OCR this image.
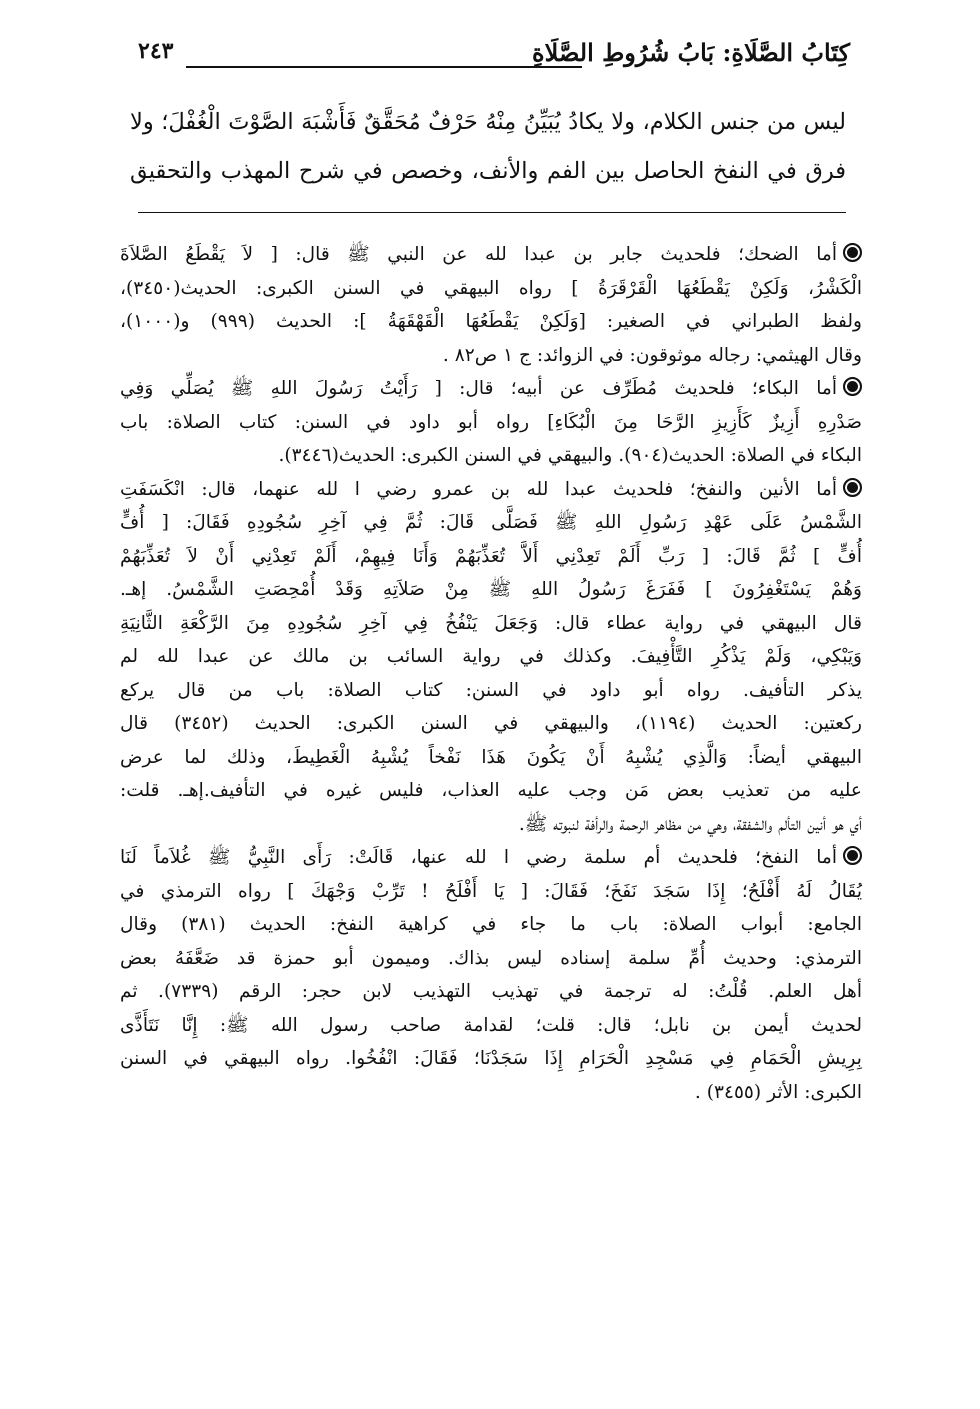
كِتَابُ الصَّلَاةِ: بَابُ شُرُوطِ الصَّلَاةِ
٢٤٣

ليس من جنس الكلام، ولا يكادُ يُبَيِّنُ مِنْهُ حَرْفٌ مُحَقَّقٌ فَأَشْبَهَ الصَّوْتَ الْغُفْلَ؛ ولا

فرق في النفخ الحاصل بين الفم والأنف، وخصص في شرح المهذب والتحقيق

أما الضحك؛ فلحديث جابر بن عبدا لله عن النبي ﷺ قال: [ لاَ يَقْطَعُ الصَّلاَةَ
الْكَشْرُ، وَلَكِنْ يَقْطَعُهَا الْقَرْقَرَةُ ] رواه البيهقي في السنن الكبرى: الحديث(٣٤٥٠)،
ولفظ الطبراني في الصغير: [وَلَكِنْ يَقْطَعُهَا الْقَهْقَهَةُ ]: الحديث (٩٩٩) و(١٠٠٠)،
وقال الهيثمي: رجاله موثوقون: في الزوائد: ج ١ ص٨٢ .
أما البكاء؛ فلحديث مُطَرِّف عن أبيه؛ قال: [ رَأَيْتُ رَسُولَ اللهِ ﷺ يُصَلِّي وَفِي
صَدْرِهِ أَزِيزٌ كَأَزِيزِ الرَّحَا مِنَ الْبُكَاءِ] رواه أبو داود في السنن: كتاب الصلاة: باب
البكاء في الصلاة: الحديث(٩٠٤). والبيهقي في السنن الكبرى: الحديث(٣٤٤٦).
أما الأنين والنفخ؛ فلحديث عبدا لله بن عمرو رضي ا لله عنهما، قال: انْكَسَفَتِ
الشَّمْسُ عَلَى عَهْدِ رَسُولِ اللهِ ﷺ فَصَلَّى قَالَ: ثُمَّ فِي آخِرِ سُجُودِهِ فَقَالَ: [ أُفٍّ
أُفٍّ ] ثُمَّ قَالَ: [ رَبِّ أَلَمْ تَعِدْنِي أَلاَّ تُعَذِّبَهُمْ وَأَنَا فِيهِمْ، أَلَمْ تَعِدْنِي أَنْ لاَ تُعَذِّبَهُمْ
وَهُمْ يَسْتَغْفِرُونَ ] فَفَرَغَ رَسُولُ اللهِ ﷺ مِنْ صَلاَتِهِ وَقَدْ أُمْحِصَتِ الشَّمْسُ. إهـ.
قال البيهقي في رواية عطاء قال: وَجَعَلَ يَنْفُخُ فِي آخِرِ سُجُودِهِ مِنَ الرَّكْعَةِ الثَّانِيَةِ
وَيَبْكِي، وَلَمْ يَذْكُرِ التَّأْفِيفَ. وكذلك في رواية السائب بن مالك عن عبدا لله لم
يذكر التأفيف. رواه أبو داود في السنن: كتاب الصلاة: باب من قال يركع
ركعتين: الحديث (١١٩٤)، والبيهقي في السنن الكبرى: الحديث (٣٤٥٢) قال
البيهقي أيضاً: وَالَّذِي يُشْبِهُ أَنْ يَكُونَ هَذَا نَفْخاً يُشْبِهُ الْغَطِيطَ، وذلك لما عرض
عليه من تعذيب بعض مَن وجب عليه العذاب، فليس غيره في التأفيف.إهـ. قلت:
أي هو أنين التألم والشفقة، وهي من مظاهر الرحمة والرأفة لنبوته ﷺ.
أما النفخ؛ فلحديث أم سلمة رضي ا لله عنها، قَالَتْ: رَأَى النَّبِيُّ ﷺ غُلاَماً لَنَا
يُقَالُ لَهُ أَفْلَحُ؛ إِذَا سَجَدَ نَفَخَ؛ فَقَالَ: [ يَا أَفْلَحُ ! تَرِّبْ وَجْهَكَ ] رواه الترمذي في
الجامع: أبواب الصلاة: باب ما جاء في كراهية النفخ: الحديث (٣٨١) وقال
الترمذي: وحديث أُمِّ سلمة إسناده ليس بذاك. وميمون أبو حمزة قد ضَعَّفَهُ بعض
أهل العلم. قُلْتُ: له ترجمة في تهذيب التهذيب لابن حجر: الرقم (٧٣٣٩). ثم
لحديث أيمن بن نابل؛ قال: قلت؛ لقدامة صاحب رسول الله ﷺ: إِنَّا نَتَأَذَّى
بِرِيشِ الْحَمَامِ فِي مَسْجِدِ الْحَرَامِ إِذَا سَجَدْنَا؛ فَقَالَ: انْفُخُوا. رواه البيهقي في السنن
الكبرى: الأثر (٣٤٥٥) .
